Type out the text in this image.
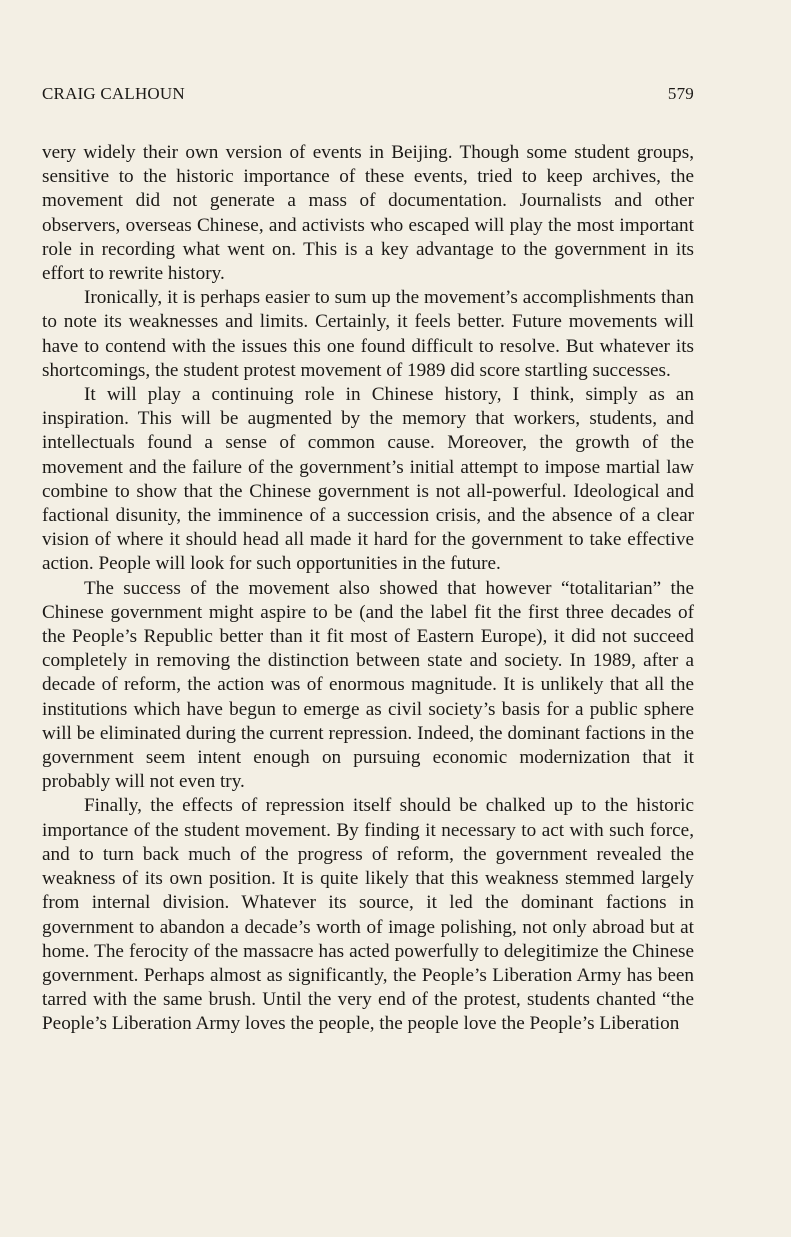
CRAIG CALHOUN	579

very widely their own version of events in Beijing. Though some student groups, sensitive to the historic importance of these events, tried to keep archives, the movement did not generate a mass of documentation. Journalists and other observers, overseas Chinese, and activists who escaped will play the most important role in recording what went on. This is a key advantage to the government in its effort to rewrite history.

Ironically, it is perhaps easier to sum up the movement’s accomplishments than to note its weaknesses and limits. Certainly, it feels better. Future movements will have to contend with the issues this one found difficult to resolve. But whatever its shortcomings, the student protest movement of 1989 did score startling successes.

It will play a continuing role in Chinese history, I think, simply as an inspiration. This will be augmented by the memory that workers, students, and intellectuals found a sense of common cause. Moreover, the growth of the movement and the failure of the government’s initial attempt to impose martial law combine to show that the Chinese government is not all-powerful. Ideological and factional disunity, the imminence of a succession crisis, and the absence of a clear vision of where it should head all made it hard for the government to take effective action. People will look for such opportunities in the future.

The success of the movement also showed that however “totalitarian” the Chinese government might aspire to be (and the label fit the first three decades of the People’s Republic better than it fit most of Eastern Europe), it did not succeed completely in removing the distinction between state and society. In 1989, after a decade of reform, the action was of enormous magnitude. It is unlikely that all the institutions which have begun to emerge as civil society’s basis for a public sphere will be eliminated during the current repression. Indeed, the dominant factions in the government seem intent enough on pursuing economic modernization that it probably will not even try.

Finally, the effects of repression itself should be chalked up to the historic importance of the student movement. By finding it necessary to act with such force, and to turn back much of the progress of reform, the government revealed the weakness of its own position. It is quite likely that this weakness stemmed largely from internal division. Whatever its source, it led the dominant factions in government to abandon a decade’s worth of image polishing, not only abroad but at home. The ferocity of the massacre has acted powerfully to delegitimize the Chinese government. Perhaps almost as significantly, the People’s Liberation Army has been tarred with the same brush. Until the very end of the protest, students chanted “the People’s Liberation Army loves the people, the people love the People’s Liberation
